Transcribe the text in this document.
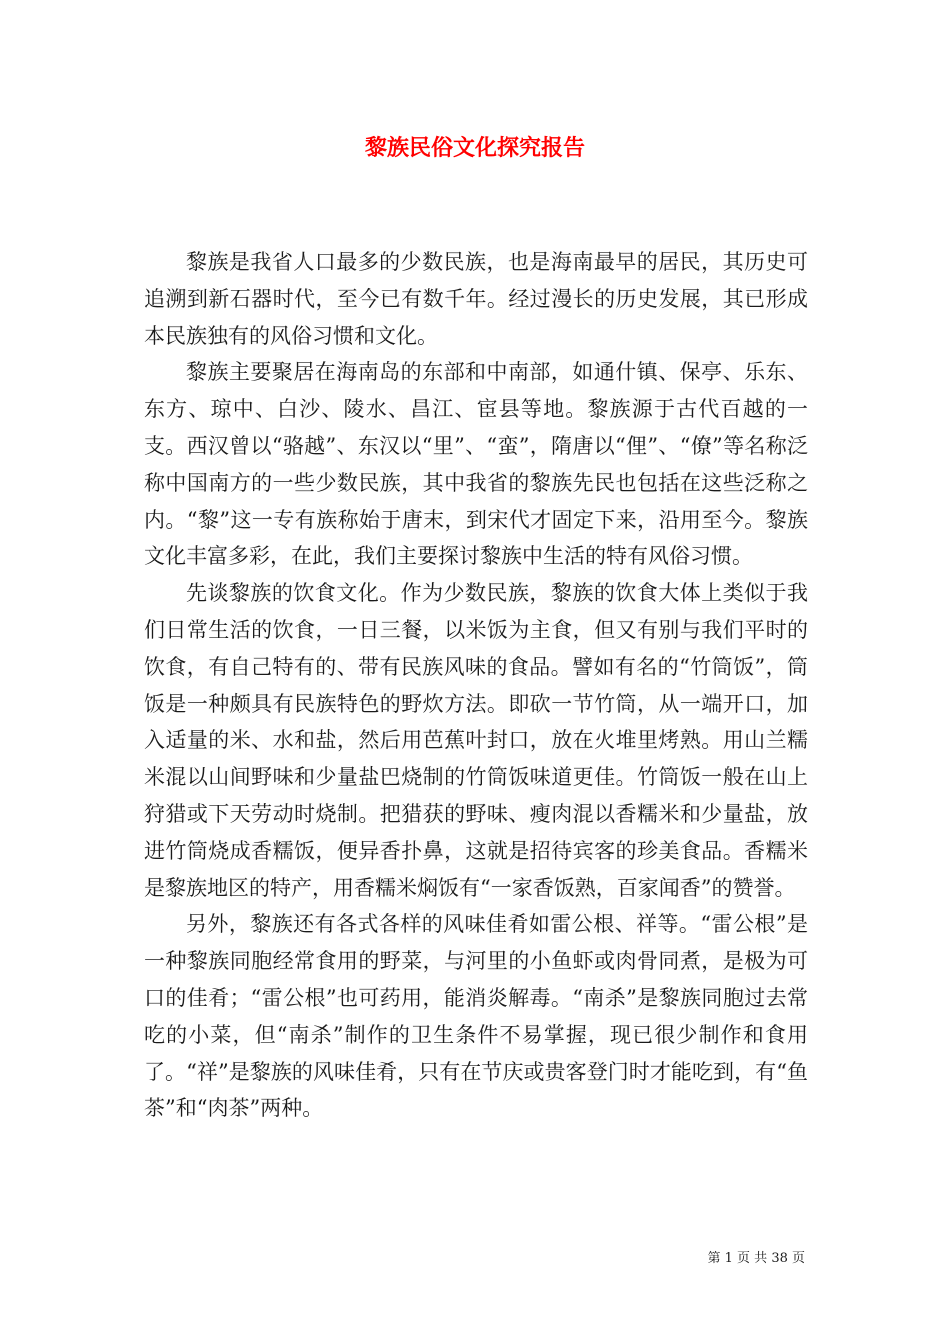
黎族民俗文化探究报告

黎族是我省人口最多的少数民族，也是海南最早的居民，其历史可追溯到新石器时代，至今已有数千年。经过漫长的历史发展，其已形成本民族独有的风俗习惯和文化。

黎族主要聚居在海南岛的东部和中南部，如通什镇、保亭、乐东、东方、琼中、白沙、陵水、昌江、宦县等地。黎族源于古代百越的一支。西汉曾以“骆越”、东汉以“里”、“蛮”，隋唐以“俚”、“僚”等名称泛称中国南方的一些少数民族，其中我省的黎族先民也包括在这些泛称之内。“黎”这一专有族称始于唐末，到宋代才固定下来，沿用至今。黎族文化丰富多彩，在此，我们主要探讨黎族中生活的特有风俗习惯。

先谈黎族的饮食文化。作为少数民族，黎族的饮食大体上类似于我们日常生活的饮食，一日三餐，以米饭为主食，但又有别与我们平时的饮食，有自己特有的、带有民族风味的食品。譬如有名的“竹筒饭”，筒饭是一种颇具有民族特色的野炊方法。即砍一节竹筒，从一端开口，加入适量的米、水和盐，然后用芭蕉叶封口，放在火堆里烤熟。用山兰糯米混以山间野味和少量盐巴烧制的竹筒饭味道更佳。竹筒饭一般在山上狩猎或下天劳动时烧制。把猎获的野味、瘦肉混以香糯米和少量盐，放进竹筒烧成香糯饭，便异香扑鼻，这就是招待宾客的珍美食品。香糯米是黎族地区的特产，用香糯米焖饭有“一家香饭熟，百家闻香”的赞誉。

另外，黎族还有各式各样的风味佳肴如雷公根、祥等。“雷公根”是一种黎族同胞经常食用的野菜，与河里的小鱼虾或肉骨同煮，是极为可口的佳肴；“雷公根”也可药用，能消炎解毒。“南杀”是黎族同胞过去常吃的小菜，但“南杀”制作的卫生条件不易掌握，现已很少制作和食用了。“祥”是黎族的风味佳肴，只有在节庆或贵客登门时才能吃到，有“鱼茶”和“肉茶”两种。

第 1 页 共 38 页
